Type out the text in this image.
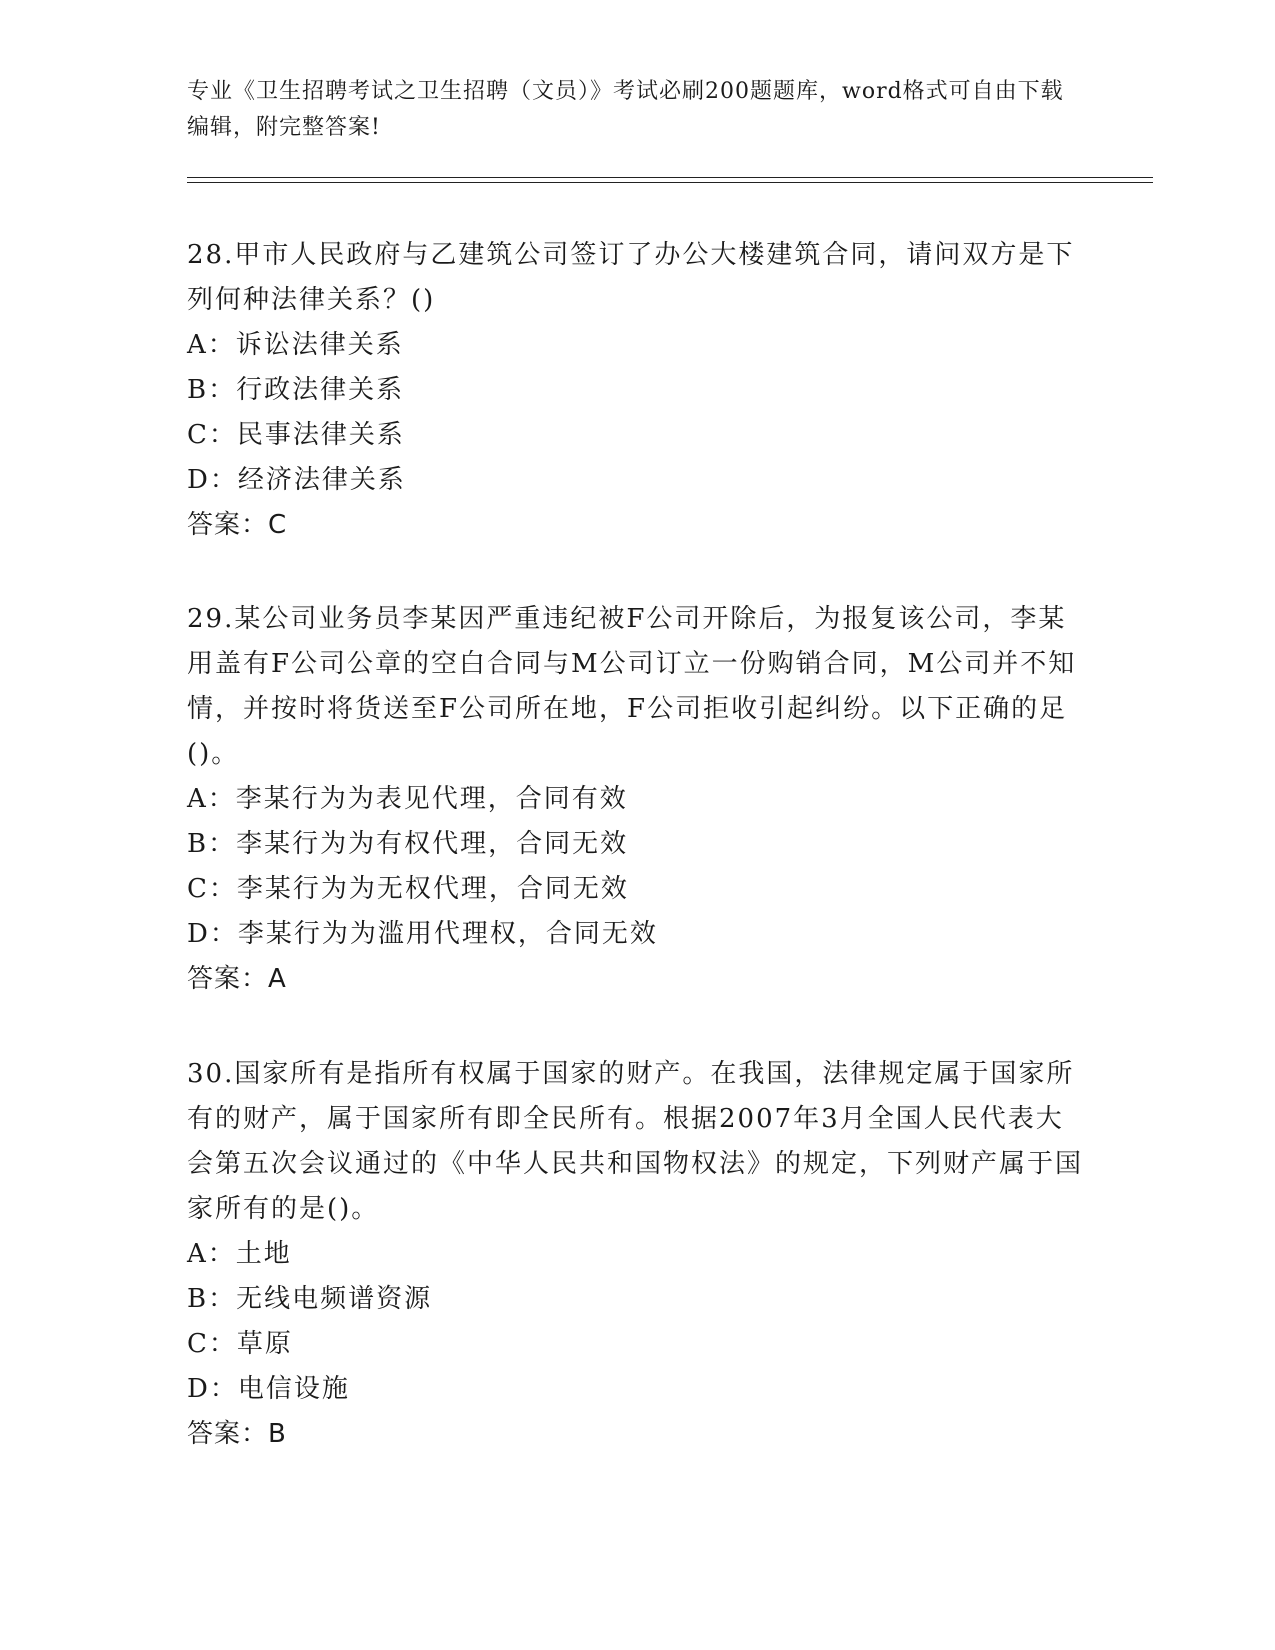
专业《卫生招聘考试之卫生招聘（文员）》考试必刷200题题库，word格式可自由下载编辑，附完整答案!

28.甲市人民政府与乙建筑公司签订了办公大楼建筑合同，请问双方是下列何种法律关系？()

A：诉讼法律关系

B：行政法律关系

C：民事法律关系

D：经济法律关系

答案：C

29.某公司业务员李某因严重违纪被F公司开除后，为报复该公司，李某用盖有F公司公章的空白合同与M公司订立一份购销合同，M公司并不知情，并按时将货送至F公司所在地，F公司拒收引起纠纷。以下正确的足()。

A：李某行为为表见代理，合同有效

B：李某行为为有权代理，合同无效

C：李某行为为无权代理，合同无效

D：李某行为为滥用代理权，合同无效

答案：A

30.国家所有是指所有权属于国家的财产。在我国，法律规定属于国家所有的财产，属于国家所有即全民所有。根据2007年3月全国人民代表大会第五次会议通过的《中华人民共和国物权法》的规定，下列财产属于国家所有的是()。

A：土地

B：无线电频谱资源

C：草原

D：电信设施

答案：B
